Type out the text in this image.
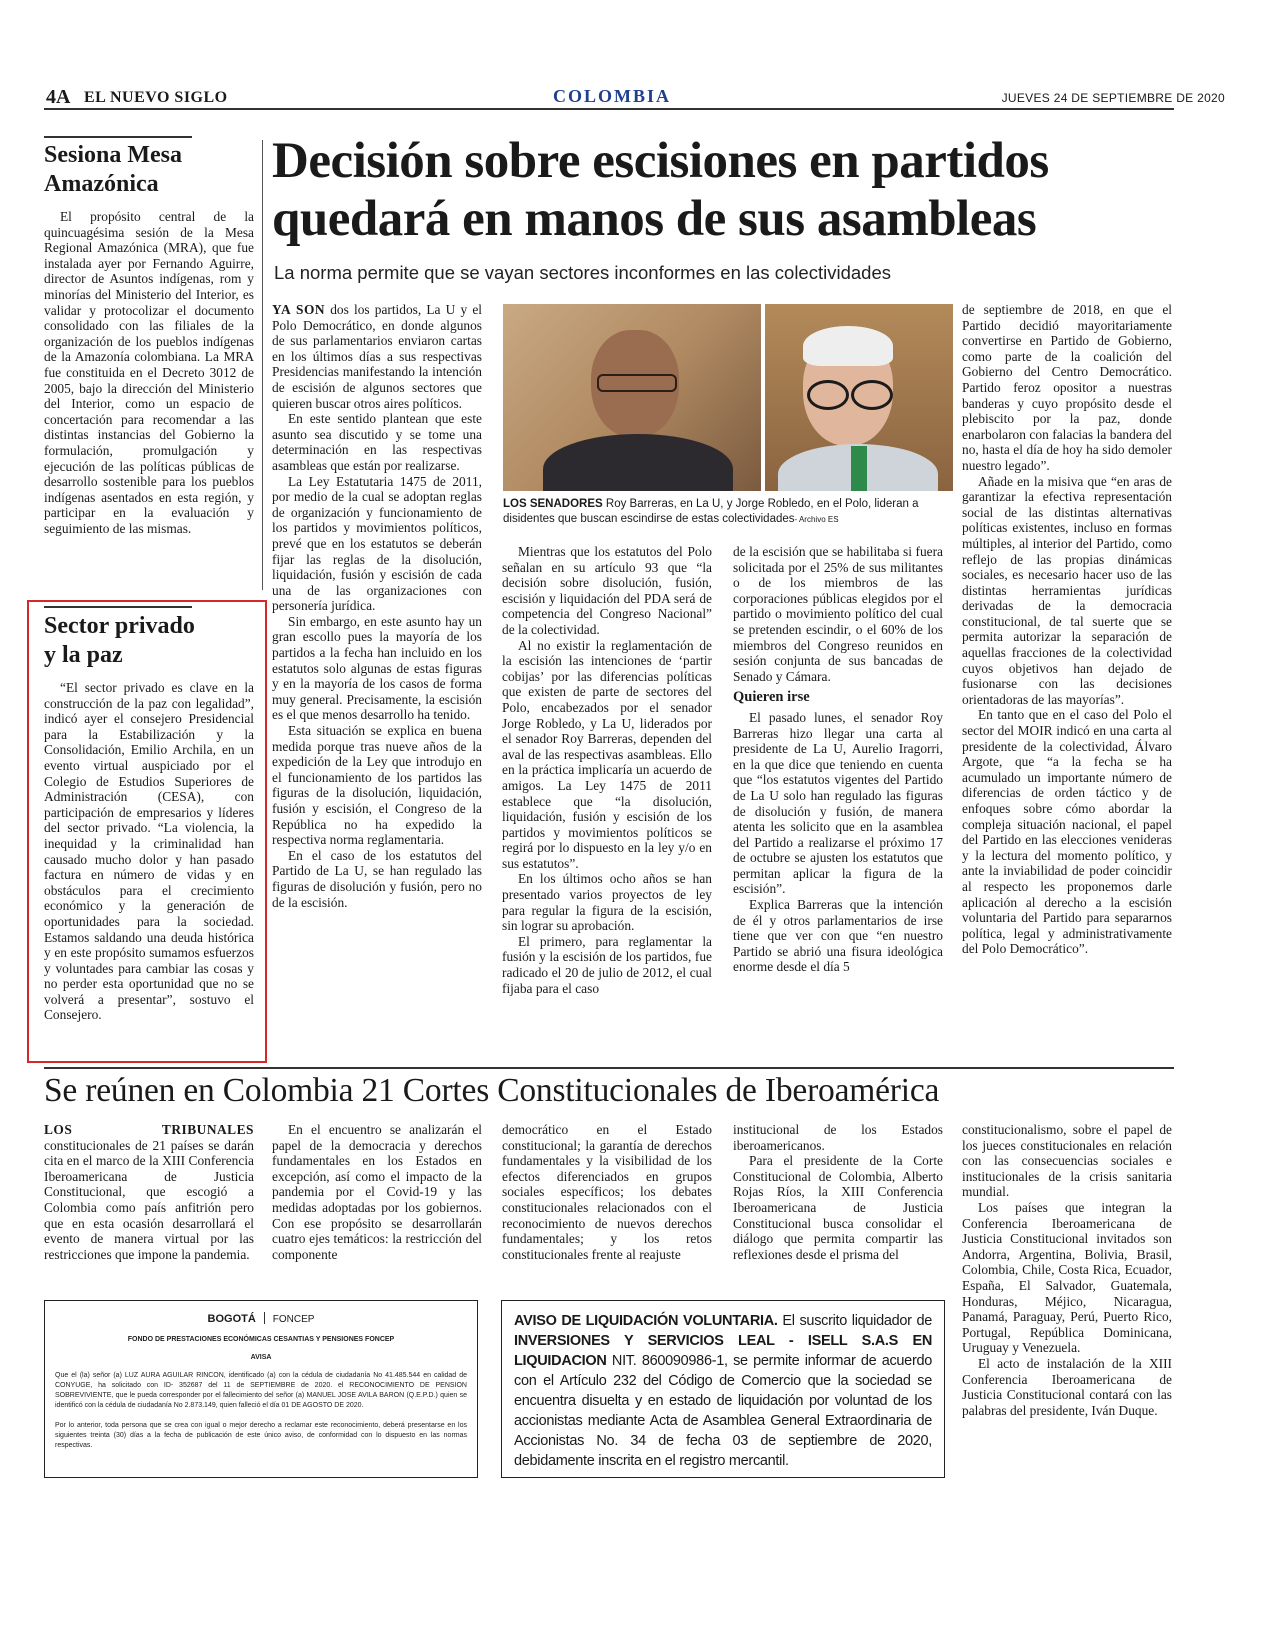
4A EL NUEVO SIGLO	COLOMBIA	JUEVES 24 DE SEPTIEMBRE DE 2020
Sesiona Mesa
Amazónica

El propósito central de la quincuagésima sesión de la Mesa Regional Amazónica (MRA), que fue instalada ayer por Fernando Aguirre, director de Asuntos indígenas, rom y minorías del Ministerio del Interior, es validar y protocolizar el documento consolidado con las filiales de la organización de los pueblos indígenas de la Amazonía colombiana. La MRA fue constituida en el Decreto 3012 de 2005, bajo la dirección del Ministerio del Interior, como un espacio de concertación para recomendar a las distintas instancias del Gobierno la formulación, promulgación y ejecución de las políticas públicas de desarrollo sostenible para los pueblos indígenas asentados en esta región, y participar en la evaluación y seguimiento de las mismas.

Sector privado
y la paz

“El sector privado es clave en la construcción de la paz con legalidad”, indicó ayer el consejero Presidencial para la Estabilización y la Consolidación, Emilio Archila, en un evento virtual auspiciado por el Colegio de Estudios Superiores de Administración (CESA), con participación de empresarios y líderes del sector privado. “La violencia, la inequidad y la criminalidad han causado mucho dolor y han pasado factura en número de vidas y en obstáculos para el crecimiento económico y la generación de oportunidades para la sociedad. Estamos saldando una deuda histórica y en este propósito sumamos esfuerzos y voluntades para cambiar las cosas y no perder esta oportunidad que no se volverá a presentar”, sostuvo el Consejero.

Decisión sobre escisiones en partidos
quedará en manos de sus asambleas
La norma permite que se vayan sectores inconformes en las colectividades

YA SON dos los partidos, La U y el Polo Democrático, en donde algunos de sus parlamentarios enviaron cartas en los últimos días a sus respectivas Presidencias manifestando la intención de escisión de algunos sectores que quieren buscar otros aires políticos.

En este sentido plantean que este asunto sea discutido y se tome una determinación en las respectivas asambleas que están por realizarse.

La Ley Estatutaria 1475 de 2011, por medio de la cual se adoptan reglas de organización y funcionamiento de los partidos y movimientos políticos, prevé que en los estatutos se deberán fijar las reglas de la disolución, liquidación, fusión y escisión de cada una de las organizaciones con personería jurídica.

Sin embargo, en este asunto hay un gran escollo pues la mayoría de los partidos a la fecha han incluido en los estatutos solo algunas de estas figuras y en la mayoría de los casos de forma muy general. Precisamente, la escisión es el que menos desarrollo ha tenido.

Esta situación se explica en buena medida porque tras nueve años de la expedición de la Ley que introdujo en el funcionamiento de los partidos las figuras de la disolución, liquidación, fusión y escisión, el Congreso de la República no ha expedido la respectiva norma reglamentaria.

En el caso de los estatutos del Partido de La U, se han regulado las figuras de disolución y fusión, pero no de la escisión.

LOS SENADORES Roy Barreras, en La U, y Jorge Robledo, en el Polo, lideran a disidentes que buscan escindirse de estas colectividades- Archivo ES

Mientras que los estatutos del Polo señalan en su artículo 93 que “la decisión sobre disolución, fusión, escisión y liquidación del PDA será de competencia del Congreso Nacional” de la colectividad.

Al no existir la reglamentación de la escisión las intenciones de ‘partir cobijas’ por las diferencias políticas que existen de parte de sectores del Polo, encabezados por el senador Jorge Robledo, y La U, liderados por el senador Roy Barreras, dependen del aval de las respectivas asambleas. Ello en la práctica implicaría un acuerdo de amigos. La Ley 1475 de 2011 establece que “la disolución, liquidación, fusión y escisión de los partidos y movimientos políticos se regirá por lo dispuesto en la ley y/o en sus estatutos”.

En los últimos ocho años se han presentado varios proyectos de ley para regular la figura de la escisión, sin lograr su aprobación.

El primero, para reglamentar la fusión y la escisión de los partidos, fue radicado el 20 de julio de 2012, el cual fijaba para el caso

de la escisión que se habilitaba si fuera solicitada por el 25% de sus militantes o de los miembros de las corporaciones públicas elegidos por el partido o movimiento político del cual se pretenden escindir, o el 60% de los miembros del Congreso reunidos en sesión conjunta de sus bancadas de Senado y Cámara.

Quieren irse

El pasado lunes, el senador Roy Barreras hizo llegar una carta al presidente de La U, Aurelio Iragorri, en la que dice que teniendo en cuenta que “los estatutos vigentes del Partido de La U solo han regulado las figuras de disolución y fusión, de manera atenta les solicito que en la asamblea del Partido a realizarse el próximo 17 de octubre se ajusten los estatutos que permitan aplicar la figura de la escisión”.

Explica Barreras que la intención de él y otros parlamentarios de irse tiene que ver con que “en nuestro Partido se abrió una fisura ideológica enorme desde el día 5

de septiembre de 2018, en que el Partido decidió mayoritariamente convertirse en Partido de Gobierno, como parte de la coalición del Gobierno del Centro Democrático. Partido feroz opositor a nuestras banderas y cuyo propósito desde el plebiscito por la paz, donde enarbolaron con falacias la bandera del no, hasta el día de hoy ha sido demoler nuestro legado”.

Añade en la misiva que “en aras de garantizar la efectiva representación social de las distintas alternativas políticas existentes, incluso en formas múltiples, al interior del Partido, como reflejo de las propias dinámicas sociales, es necesario hacer uso de las distintas herramientas jurídicas derivadas de la democracia constitucional, de tal suerte que se permita autorizar la separación de aquellas fracciones de la colectividad cuyos objetivos han dejado de fusionarse con las decisiones orientadoras de las mayorías”.

En tanto que en el caso del Polo el sector del MOIR indicó en una carta al presidente de la colectividad, Álvaro Argote, que “a la fecha se ha acumulado un importante número de diferencias de orden táctico y de enfoques sobre cómo abordar la compleja situación nacional, el papel del Partido en las elecciones venideras y la lectura del momento político, y ante la inviabilidad de poder coincidir al respecto les proponemos darle aplicación al derecho a la escisión voluntaria del Partido para separarnos política, legal y administrativamente del Polo Democrático”.

Se reúnen en Colombia 21 Cortes Constitucionales de Iberoamérica

LOS TRIBUNALES constitucionales de 21 países se darán cita en el marco de la XIII Conferencia Iberoamericana de Justicia Constitucional, que escogió a Colombia como país anfitrión pero que en esta ocasión desarrollará el evento de manera virtual por las restricciones que impone la pandemia.

En el encuentro se analizarán el papel de la democracia y derechos fundamentales en los Estados en excepción, así como el impacto de la pandemia por el Covid-19 y las medidas adoptadas por los gobiernos. Con ese propósito se desarrollarán cuatro ejes temáticos: la restricción del componente

democrático en el Estado constitucional; la garantía de derechos fundamentales y la visibilidad de los efectos diferenciados en grupos sociales específicos; los debates constitucionales relacionados con el reconocimiento de nuevos derechos fundamentales; y los retos constitucionales frente al reajuste

institucional de los Estados iberoamericanos.

Para el presidente de la Corte Constitucional de Colombia, Alberto Rojas Ríos, la XIII Conferencia Iberoamericana de Justicia Constitucional busca consolidar el diálogo que permita compartir las reflexiones desde el prisma del

constitucionalismo, sobre el papel de los jueces constitucionales en relación con las consecuencias sociales e institucionales de la crisis sanitaria mundial.

Los países que integran la Conferencia Iberoamericana de Justicia Constitucional invitados son Andorra, Argentina, Bolivia, Brasil, Colombia, Chile, Costa Rica, Ecuador, España, El Salvador, Guatemala, Honduras, Méjico, Nicaragua, Panamá, Paraguay, Perú, Puerto Rico, Portugal, República Dominicana, Uruguay y Venezuela.

El acto de instalación de la XIII Conferencia Iberoamericana de Justicia Constitucional contará con las palabras del presidente, Iván Duque.

BOGOTÁ FONCEP
FONDO DE PRESTACIONES ECONÓMICAS CESANTIAS Y PENSIONES FONCEP
AVISA
Que el (la) señor (a) LUZ AURA AGUILAR RINCON, identificado (a) con la cédula de ciudadanía No 41.485.544 en calidad de CONYUGE, ha solicitado con ID- 352687 del 11 de SEPTIEMBRE de 2020. el RECONOCIMIENTO DE PENSION SOBREVIVIENTE, que le pueda corresponder por el fallecimiento del señor (a) MANUEL JOSE AVILA BARON (Q.E.P.D.) quien se identificó con la cédula de ciudadanía No 2.873.149, quien falleció el día 01 DE AGOSTO DE 2020.
Por lo anterior, toda persona que se crea con igual o mejor derecho a reclamar este reconocimiento, deberá presentarse en los siguientes treinta (30) días a la fecha de publicación de este único aviso, de conformidad con lo dispuesto en las normas respectivas.
AVISO DE LIQUIDACIÓN VOLUNTARIA. El suscrito liquidador de INVERSIONES Y SERVICIOS LEAL - ISELL S.A.S EN LIQUIDACION NIT. 860090986-1, se permite informar de acuerdo con el Artículo 232 del Código de Comercio que la sociedad se encuentra disuelta y en estado de liquidación por voluntad de los accionistas mediante Acta de Asamblea General Extraordinaria de Accionistas No. 34 de fecha 03 de septiembre de 2020, debidamente inscrita en el registro mercantil.
